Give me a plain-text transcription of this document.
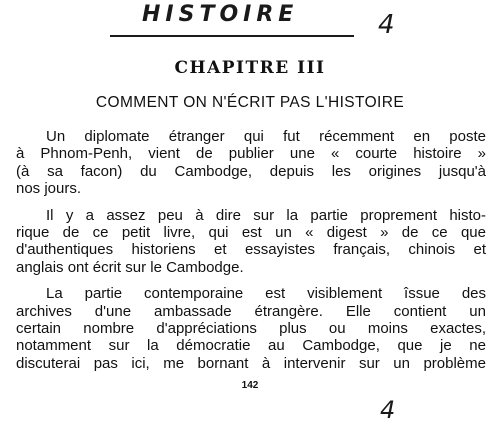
HISTOIRE	4
CHAPITRE III
COMMENT ON N'ÉCRIT PAS L'HISTOIRE

Un diplomate étranger qui fut récemment en poste
à Phnom-Penh, vient de publier une « courte histoire »
(à sa facon) du Cambodge, depuis les origines jusqu'à
nos jours.

Il y a assez peu à dire sur la partie proprement histo-
rique de ce petit livre, qui est un « digest » de ce que
d'authentiques historiens et essayistes français, chinois et
anglais ont écrit sur le Cambodge.

La partie contemporaine est visiblement îssue des
archives d'une ambassade étrangère. Elle contient un
certain nombre d'appréciations plus ou moins exactes,
notamment sur la démocratie au Cambodge, que je ne
discuterai pas ici, me bornant à intervenir sur un problème

142
4
